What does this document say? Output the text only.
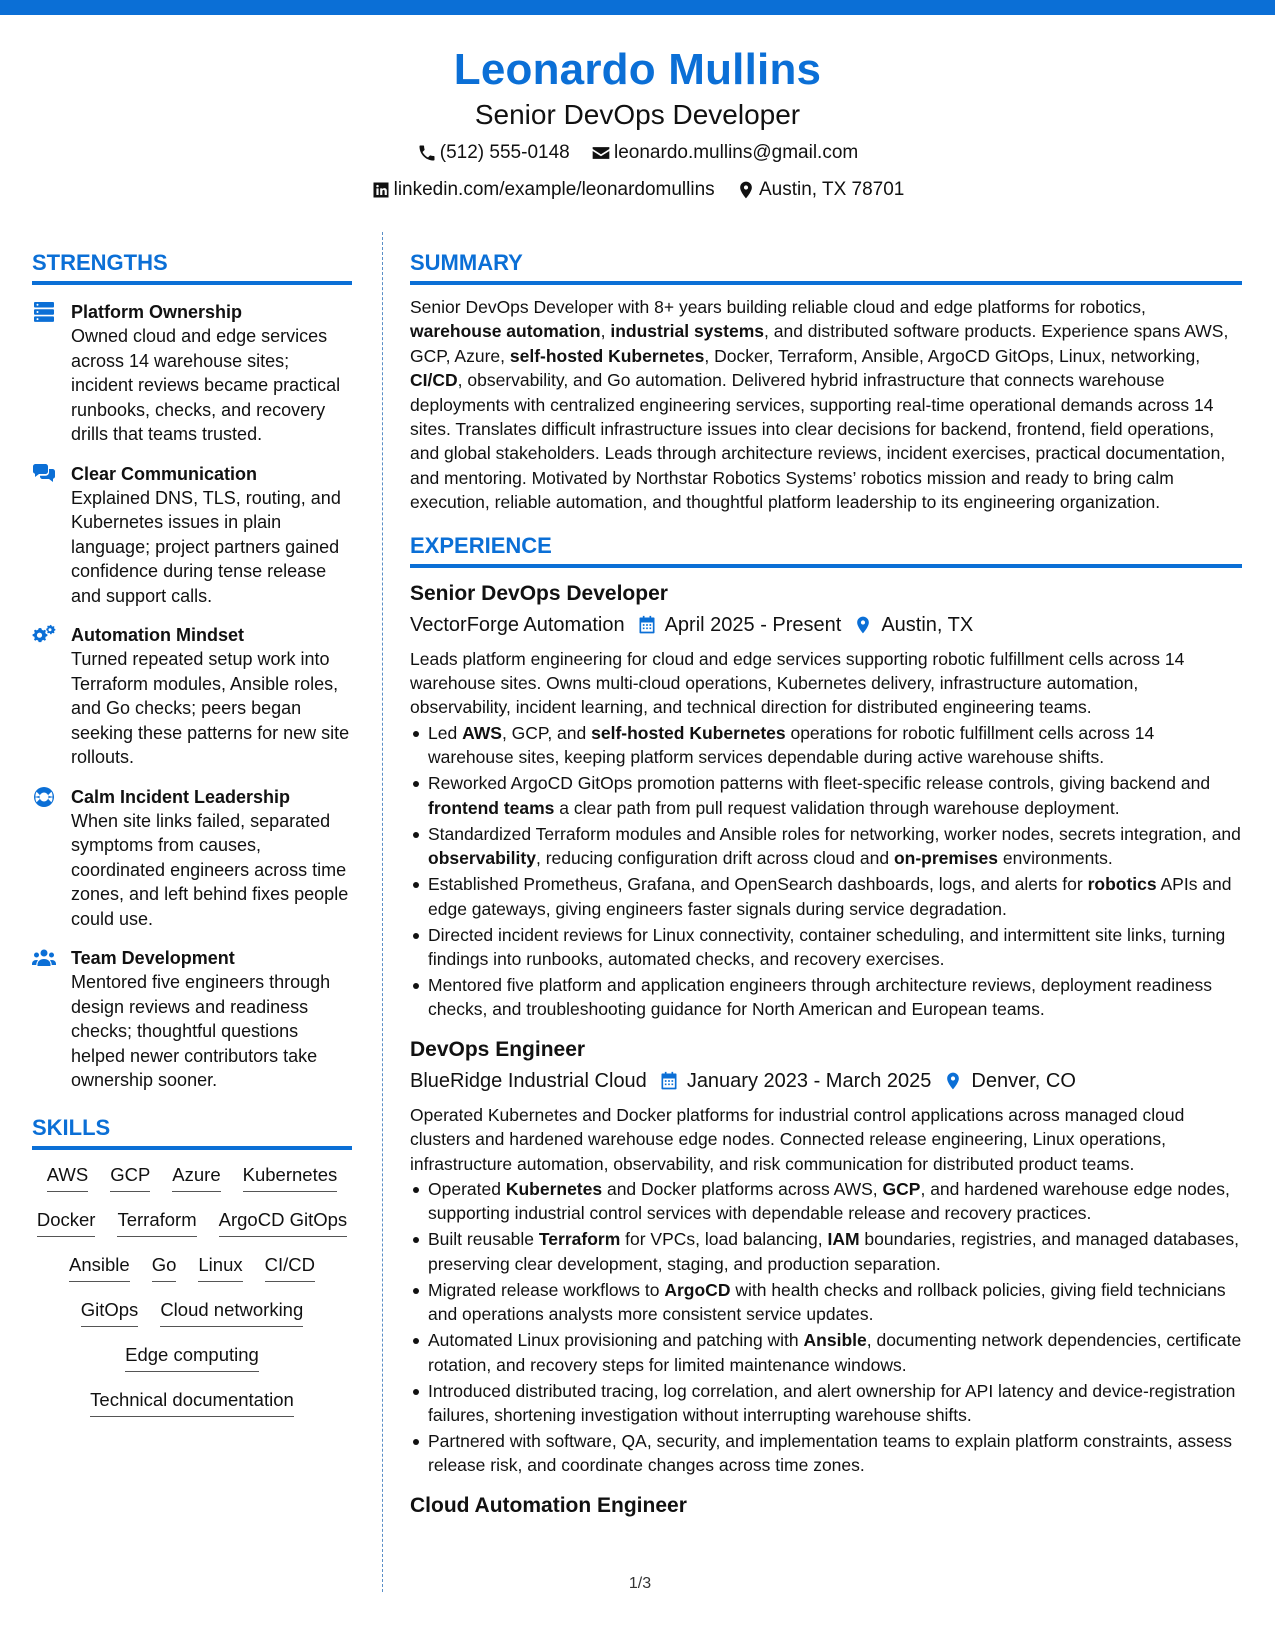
Leonardo Mullins
Senior DevOps Developer
(512) 555-0148
leonardo.mullins@gmail.com
linkedin.com/example/leonardomullins
Austin, TX 78701
STRENGTHS
Platform Ownership
Owned cloud and edge services across 14 warehouse sites; incident reviews became practical runbooks, checks, and recovery drills that teams trusted.
Clear Communication
Explained DNS, TLS, routing, and Kubernetes issues in plain language; project partners gained confidence during tense release and support calls.
Automation Mindset
Turned repeated setup work into Terraform modules, Ansible roles, and Go checks; peers began seeking these patterns for new site rollouts.
Calm Incident Leadership
When site links failed, separated symptoms from causes, coordinated engineers across time zones, and left behind fixes people could use.
Team Development
Mentored five engineers through design reviews and readiness checks; thoughtful questions helped newer contributors take ownership sooner.
SKILLS
AWS GCP Azure Kubernetes
Docker Terraform ArgoCD GitOps
Ansible Go Linux CI/CD
GitOps Cloud networking
Edge computing
Technical documentation
SUMMARY
Senior DevOps Developer with 8+ years building reliable cloud and edge platforms for robotics, warehouse automation, industrial systems, and distributed software products. Experience spans AWS, GCP, Azure, self-hosted Kubernetes, Docker, Terraform, Ansible, ArgoCD GitOps, Linux, networking, CI/CD, observability, and Go automation. Delivered hybrid infrastructure that connects warehouse deployments with centralized engineering services, supporting real-time operational demands across 14 sites. Translates difficult infrastructure issues into clear decisions for backend, frontend, field operations, and global stakeholders. Leads through architecture reviews, incident exercises, practical documentation, and mentoring. Motivated by Northstar Robotics Systems’ robotics mission and ready to bring calm execution, reliable automation, and thoughtful platform leadership to its engineering organization.
EXPERIENCE
Senior DevOps Developer
VectorForge Automation April 2025 - Present Austin, TX
Leads platform engineering for cloud and edge services supporting robotic fulfillment cells across 14 warehouse sites. Owns multi-cloud operations, Kubernetes delivery, infrastructure automation, observability, incident learning, and technical direction for distributed engineering teams.
Led AWS, GCP, and self-hosted Kubernetes operations for robotic fulfillment cells across 14 warehouse sites, keeping platform services dependable during active warehouse shifts.
Reworked ArgoCD GitOps promotion patterns with fleet-specific release controls, giving backend and frontend teams a clear path from pull request validation through warehouse deployment.
Standardized Terraform modules and Ansible roles for networking, worker nodes, secrets integration, and observability, reducing configuration drift across cloud and on-premises environments.
Established Prometheus, Grafana, and OpenSearch dashboards, logs, and alerts for robotics APIs and edge gateways, giving engineers faster signals during service degradation.
Directed incident reviews for Linux connectivity, container scheduling, and intermittent site links, turning findings into runbooks, automated checks, and recovery exercises.
Mentored five platform and application engineers through architecture reviews, deployment readiness checks, and troubleshooting guidance for North American and European teams.
DevOps Engineer
BlueRidge Industrial Cloud January 2023 - March 2025 Denver, CO
Operated Kubernetes and Docker platforms for industrial control applications across managed cloud clusters and hardened warehouse edge nodes. Connected release engineering, Linux operations, infrastructure automation, observability, and risk communication for distributed product teams.
Operated Kubernetes and Docker platforms across AWS, GCP, and hardened warehouse edge nodes, supporting industrial control services with dependable release and recovery practices.
Built reusable Terraform for VPCs, load balancing, IAM boundaries, registries, and managed databases, preserving clear development, staging, and production separation.
Migrated release workflows to ArgoCD with health checks and rollback policies, giving field technicians and operations analysts more consistent service updates.
Automated Linux provisioning and patching with Ansible, documenting network dependencies, certificate rotation, and recovery steps for limited maintenance windows.
Introduced distributed tracing, log correlation, and alert ownership for API latency and device-registration failures, shortening investigation without interrupting warehouse shifts.
Partnered with software, QA, security, and implementation teams to explain platform constraints, assess release risk, and coordinate changes across time zones.
Cloud Automation Engineer
1/3
